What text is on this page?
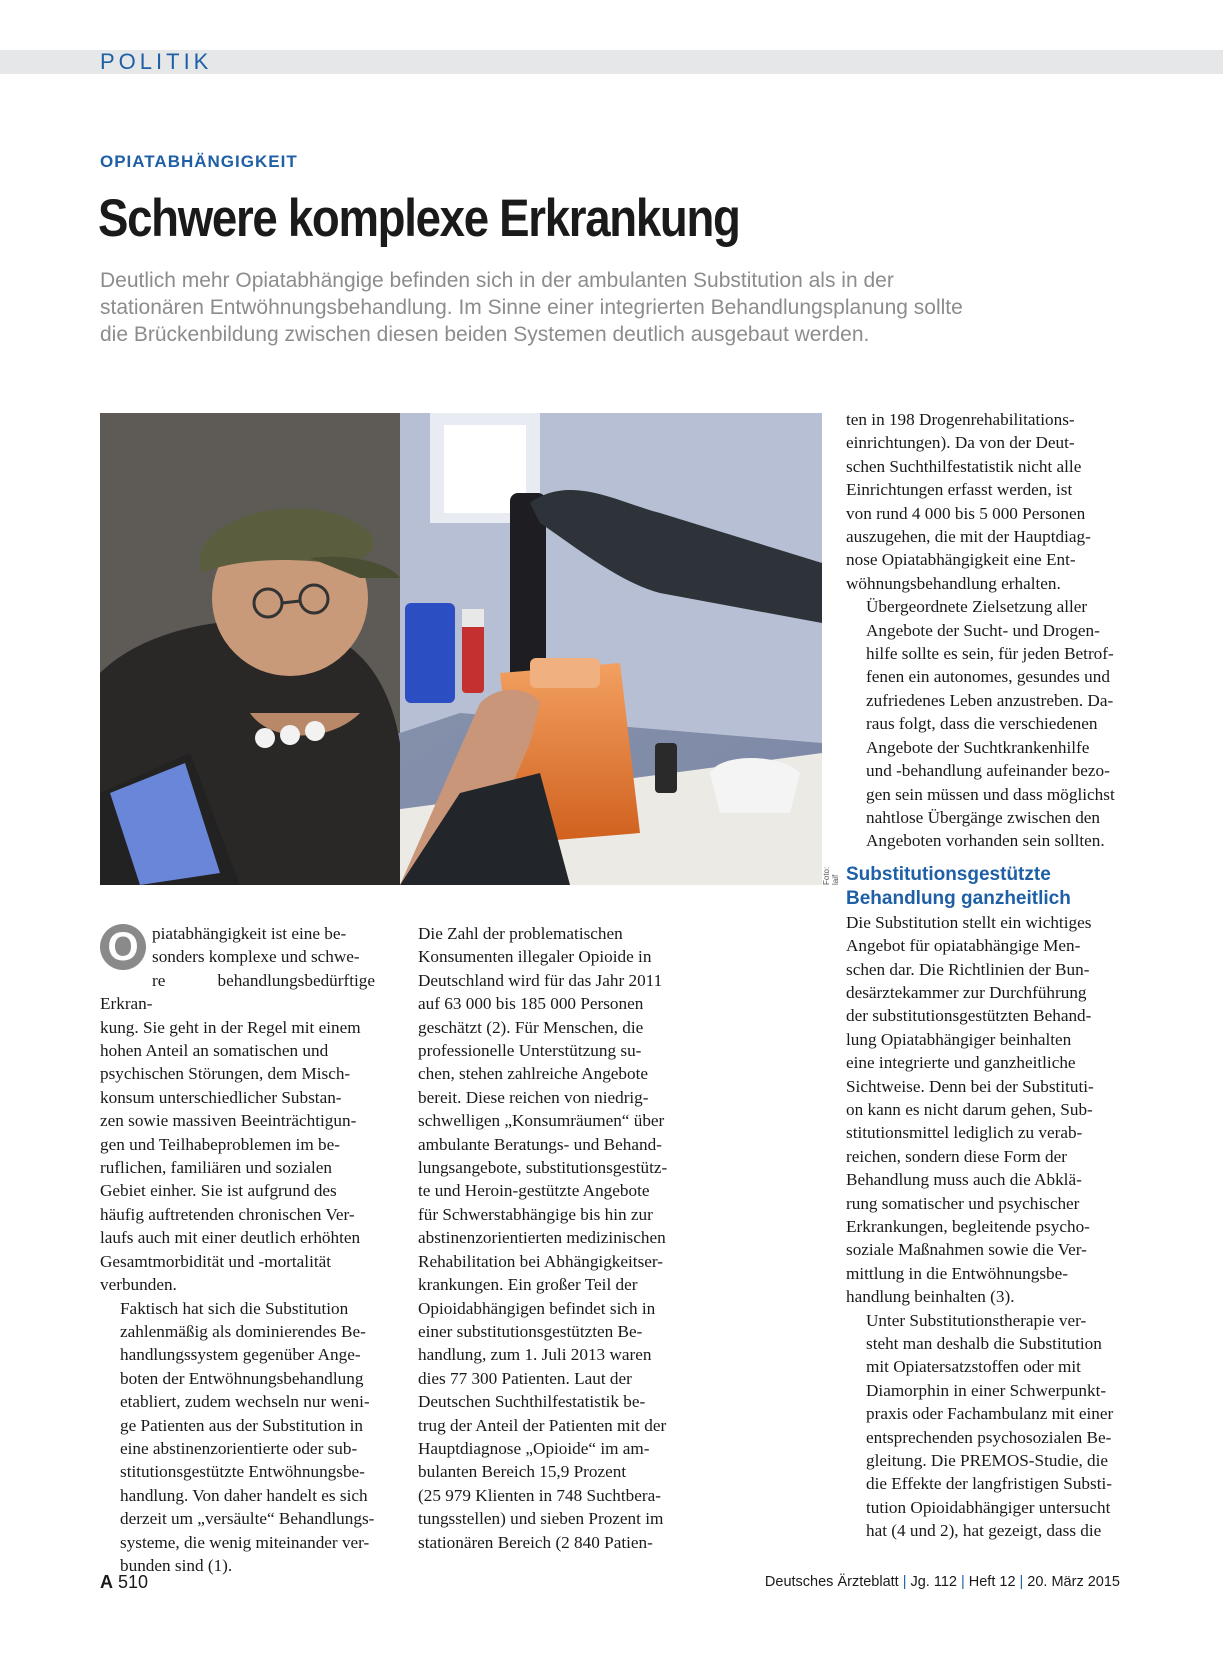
POLITIK
OPIATABHÄNGIGKEIT
Schwere komplexe Erkrankung
Deutlich mehr Opiatabhängige befinden sich in der ambulanten Substitution als in der
stationären Entwöhnungsbehandlung. Im Sinne einer integrierten Behandlungsplanung sollte
die Brückenbildung zwischen diesen beiden Systemen deutlich ausgebaut werden.
Foto: laif

O piatabhängigkeit ist eine be-
sonders komplexe und schwe-
re behandlungsbedürftige Erkran-
kung. Sie geht in der Regel mit einem
hohen Anteil an somatischen und
psychischen Störungen, dem Misch-
konsum unterschiedlicher Substan-
zen sowie massiven Beeinträchtigun-
gen und Teilhabeproblemen im be-
ruflichen, familiären und sozialen
Gebiet einher. Sie ist aufgrund des
häufig auftretenden chronischen Ver-
laufs auch mit einer deutlich erhöhten
Gesamtmorbidität und -mortalität
verbunden.

Faktisch hat sich die Substitution
zahlenmäßig als dominierendes Be-
handlungssystem gegenüber Ange-
boten der Entwöhnungsbehandlung
etabliert, zudem wechseln nur weni-
ge Patienten aus der Substitution in
eine abstinenzorientierte oder sub-
stitutionsgestützte Entwöhnungsbe-
handlung. Von daher handelt es sich
derzeit um „versäulte“ Behandlungs-
systeme, die wenig miteinander ver-
bunden sind (1).

Die Zahl der problematischen
Konsumenten illegaler Opioide in
Deutschland wird für das Jahr 2011
auf 63 000 bis 185 000 Personen
geschätzt (2). Für Menschen, die
professionelle Unterstützung su-
chen, stehen zahlreiche Angebote
bereit. Diese reichen von niedrig-
schwelligen „Konsumräumen“ über
ambulante Beratungs- und Behand-
lungsangebote, substitutionsgestütz-
te und Heroin-gestützte Angebote
für Schwerstabhängige bis hin zur
abstinenzorientierten medizinischen
Rehabilitation bei Abhängigkeitser-
krankungen. Ein großer Teil der
Opioidabhängigen befindet sich in
einer substitutionsgestützten Be-
handlung, zum 1. Juli 2013 waren
dies 77 300 Patienten. Laut der
Deutschen Suchthilfestatistik be-
trug der Anteil der Patienten mit der
Hauptdiagnose „Opioide“ im am-
bulanten Bereich 15,9 Prozent
(25 979 Klienten in 748 Suchtbera-
tungsstellen) und sieben Prozent im
stationären Bereich (2 840 Patien-

ten in 198 Drogenrehabilitations-
einrichtungen). Da von der Deut-
schen Suchthilfestatistik nicht alle
Einrichtungen erfasst werden, ist
von rund 4 000 bis 5 000 Personen
auszugehen, die mit der Hauptdiag-
nose Opiatabhängigkeit eine Ent-
wöhnungsbehandlung erhalten.

Übergeordnete Zielsetzung aller
Angebote der Sucht- und Drogen-
hilfe sollte es sein, für jeden Betrof-
fenen ein autonomes, gesundes und
zufriedenes Leben anzustreben. Da-
raus folgt, dass die verschiedenen
Angebote der Suchtkrankenhilfe
und -behandlung aufeinander bezo-
gen sein müssen und dass möglichst
nahtlose Übergänge zwischen den
Angeboten vorhanden sein sollten.

Substitutionsgestützte Behandlung ganzheitlich

Die Substitution stellt ein wichtiges
Angebot für opiatabhängige Men-
schen dar. Die Richtlinien der Bun-
desärztekammer zur Durchführung
der substitutionsgestützten Behand-
lung Opiatabhängiger beinhalten
eine integrierte und ganzheitliche
Sichtweise. Denn bei der Substituti-
on kann es nicht darum gehen, Sub-
stitutionsmittel lediglich zu verab-
reichen, sondern diese Form der
Behandlung muss auch die Abklä-
rung somatischer und psychischer
Erkrankungen, begleitende psycho-
soziale Maßnahmen sowie die Ver-
mittlung in die Entwöhnungsbe-
handlung beinhalten (3).

Unter Substitutionstherapie ver-
steht man deshalb die Substitution
mit Opiatersatzstoffen oder mit
Diamorphin in einer Schwerpunkt-
praxis oder Fachambulanz mit einer
entsprechenden psychosozialen Be-
gleitung. Die PREMOS-Studie, die
die Effekte der langfristigen Substi-
tution Opioidabhängiger untersucht
hat (4 und 2), hat gezeigt, dass die

A 510	Deutsches Ärzteblatt | Jg. 112 | Heft 12 | 20. März 2015
